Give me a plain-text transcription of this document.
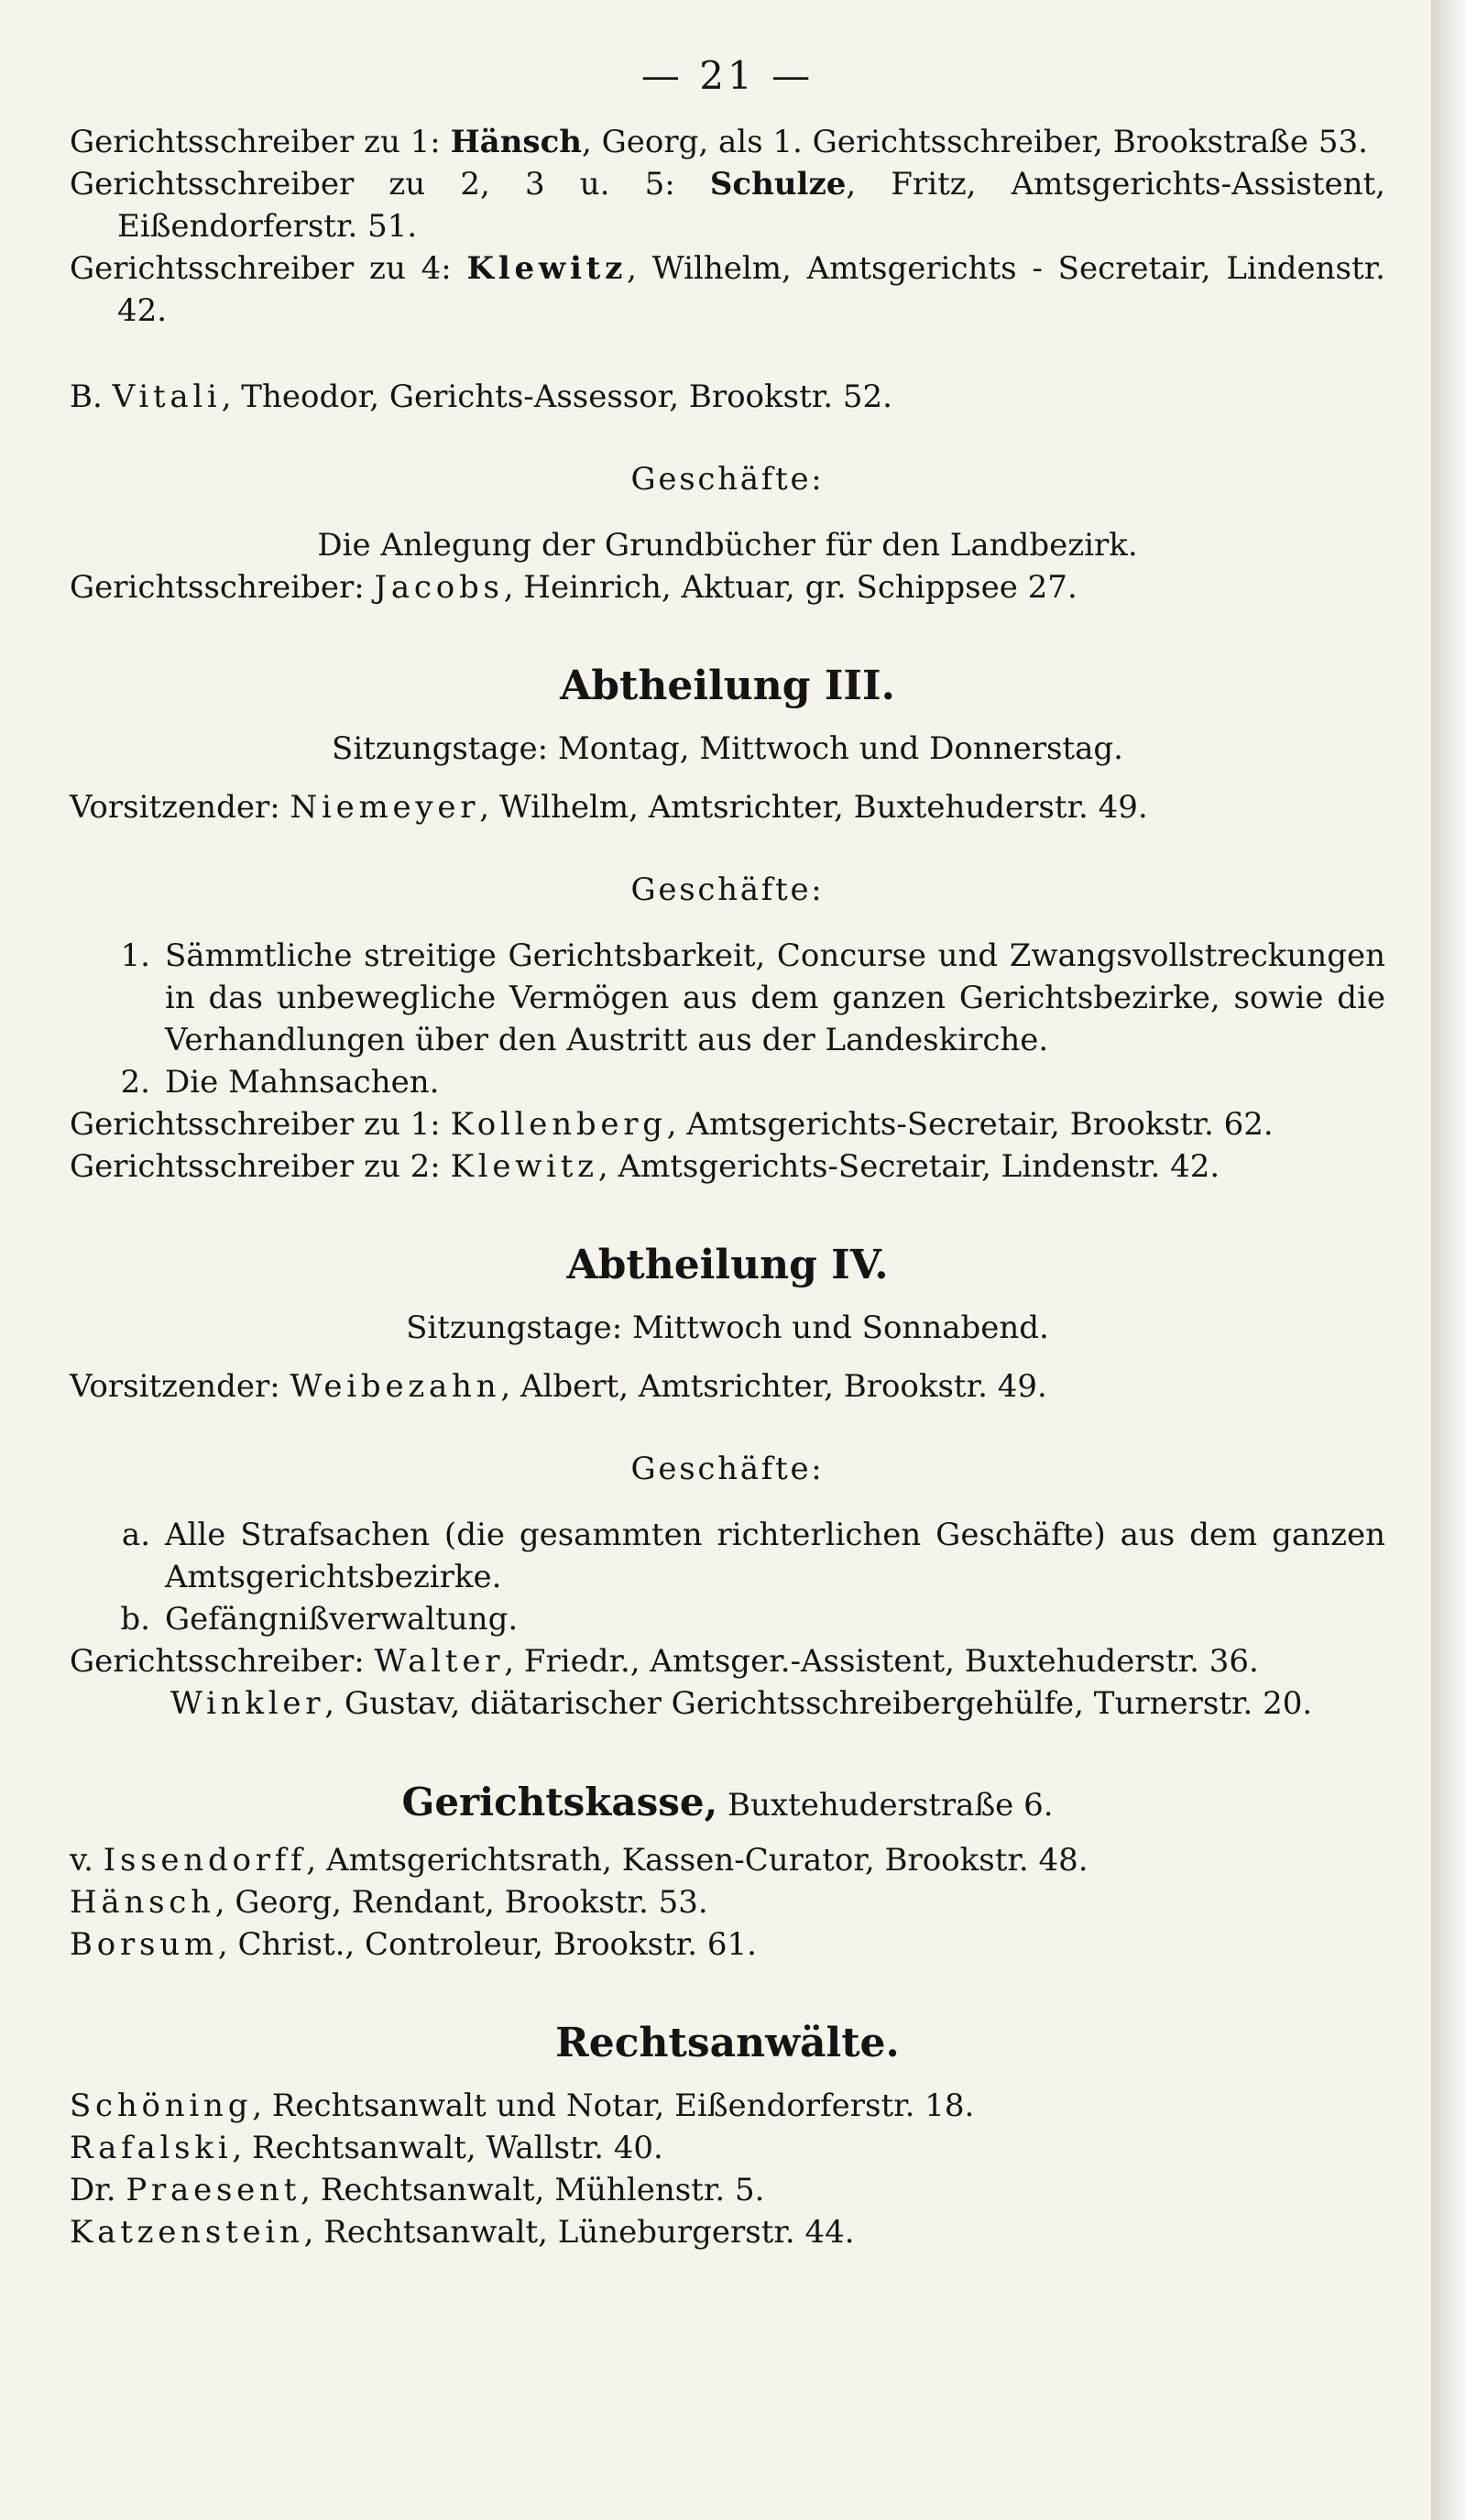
— 21 —
Gerichtsschreiber zu 1: Hänsch, Georg, als 1. Gerichtsschreiber, Brookstraße 53.
Gerichtsschreiber zu 2, 3 u. 5: Schulze, Fritz, Amtsgerichts-Assistent, Eißendorferstr. 51.
Gerichtsschreiber zu 4: Klewitz, Wilhelm, Amtsgerichts - Secretair, Lindenstr. 42.
B. Vitali, Theodor, Gerichts-Assessor, Brookstr. 52.
Geschäfte:
Die Anlegung der Grundbücher für den Landbezirk.
Gerichtsschreiber: Jacobs, Heinrich, Aktuar, gr. Schippsee 27.
Abtheilung III.
Sitzungstage: Montag, Mittwoch und Donnerstag.
Vorsitzender: Niemeyer, Wilhelm, Amtsrichter, Buxtehuderstr. 49.
Geschäfte:
1. Sämmtliche streitige Gerichtsbarkeit, Concurse und Zwangsvollstreckungen in das unbewegliche Vermögen aus dem ganzen Gerichtsbezirke, sowie die Verhandlungen über den Austritt aus der Landeskirche.
2. Die Mahnsachen.
Gerichtsschreiber zu 1: Kollenberg, Amtsgerichts-Secretair, Brookstr. 62.
Gerichtsschreiber zu 2: Klewitz, Amtsgerichts-Secretair, Lindenstr. 42.
Abtheilung IV.
Sitzungstage: Mittwoch und Sonnabend.
Vorsitzender: Weibezahn, Albert, Amtsrichter, Brookstr. 49.
Geschäfte:
a. Alle Strafsachen (die gesammten richterlichen Geschäfte) aus dem ganzen Amtsgerichtsbezirke.
b. Gefängnißverwaltung.
Gerichtsschreiber: Walter, Friedr., Amtsger.-Assistent, Buxtehuderstr. 36.
Winkler, Gustav, diätarischer Gerichtsschreibergehülfe, Turnerstr. 20.
Gerichtskasse, Buxtehuderstraße 6.
v. Issendorff, Amtsgerichtsrath, Kassen-Curator, Brookstr. 48.
Hänsch, Georg, Rendant, Brookstr. 53.
Borsum, Christ., Controleur, Brookstr. 61.
Rechtsanwälte.
Schöning, Rechtsanwalt und Notar, Eißendorferstr. 18.
Rafalski, Rechtsanwalt, Wallstr. 40.
Dr. Praesent, Rechtsanwalt, Mühlenstr. 5.
Katzenstein, Rechtsanwalt, Lüneburgerstr. 44.
